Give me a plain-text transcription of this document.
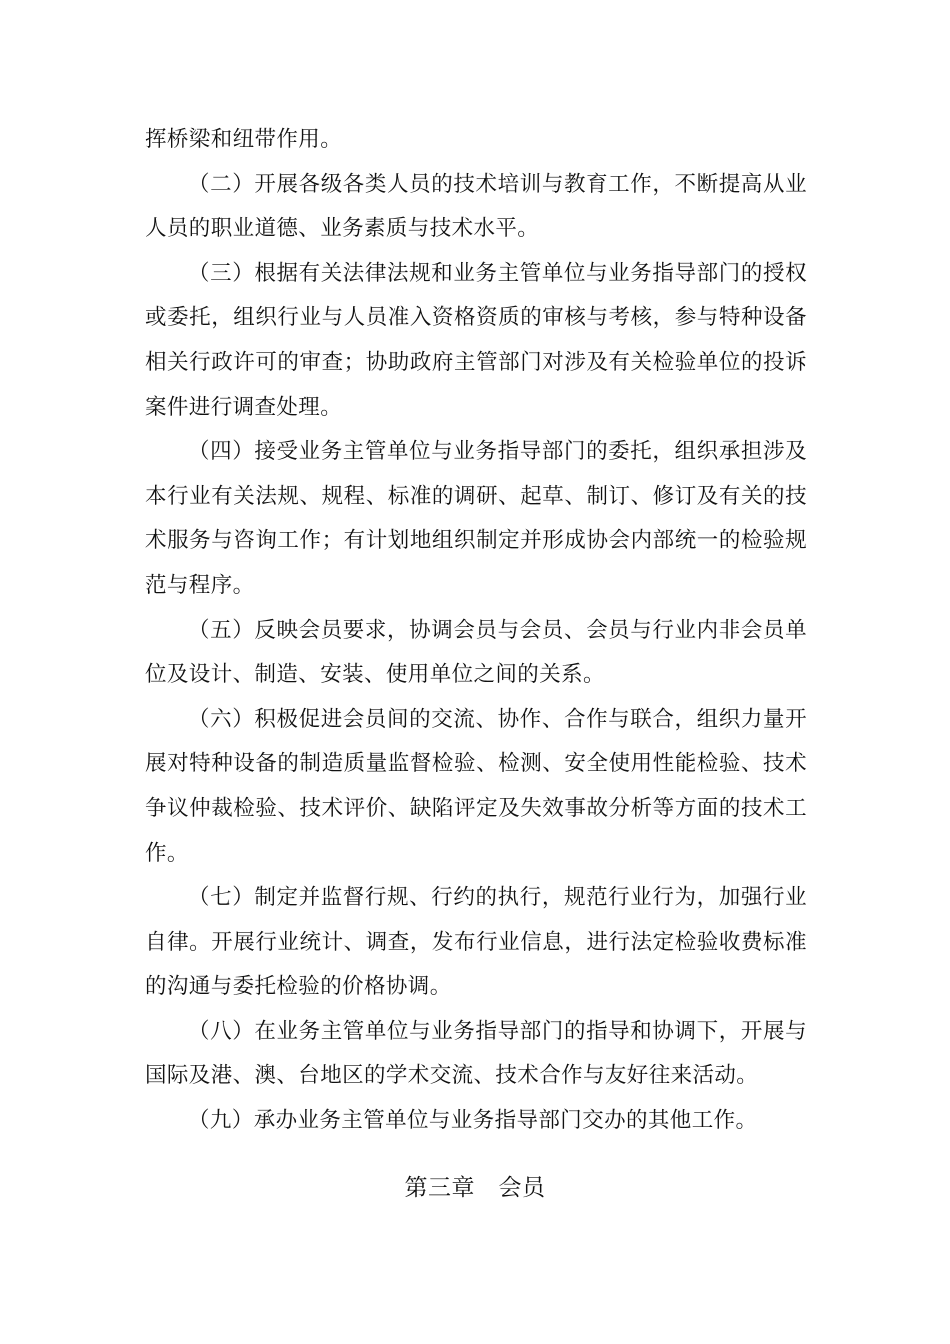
挥桥梁和纽带作用。

（二）开展各级各类人员的技术培训与教育工作，不断提高从业人员的职业道德、业务素质与技术水平。

（三）根据有关法律法规和业务主管单位与业务指导部门的授权或委托，组织行业与人员准入资格资质的审核与考核，参与特种设备相关行政许可的审查；协助政府主管部门对涉及有关检验单位的投诉案件进行调查处理。

（四）接受业务主管单位与业务指导部门的委托，组织承担涉及本行业有关法规、规程、标准的调研、起草、制订、修订及有关的技术服务与咨询工作；有计划地组织制定并形成协会内部统一的检验规范与程序。

（五）反映会员要求，协调会员与会员、会员与行业内非会员单位及设计、制造、安装、使用单位之间的关系。

（六）积极促进会员间的交流、协作、合作与联合，组织力量开展对特种设备的制造质量监督检验、检测、安全使用性能检验、技术争议仲裁检验、技术评价、缺陷评定及失效事故分析等方面的技术工作。

（七）制定并监督行规、行约的执行，规范行业行为，加强行业自律。开展行业统计、调查，发布行业信息，进行法定检验收费标准的沟通与委托检验的价格协调。

（八）在业务主管单位与业务指导部门的指导和协调下，开展与国际及港、澳、台地区的学术交流、技术合作与友好往来活动。

（九）承办业务主管单位与业务指导部门交办的其他工作。

第三章　会员
